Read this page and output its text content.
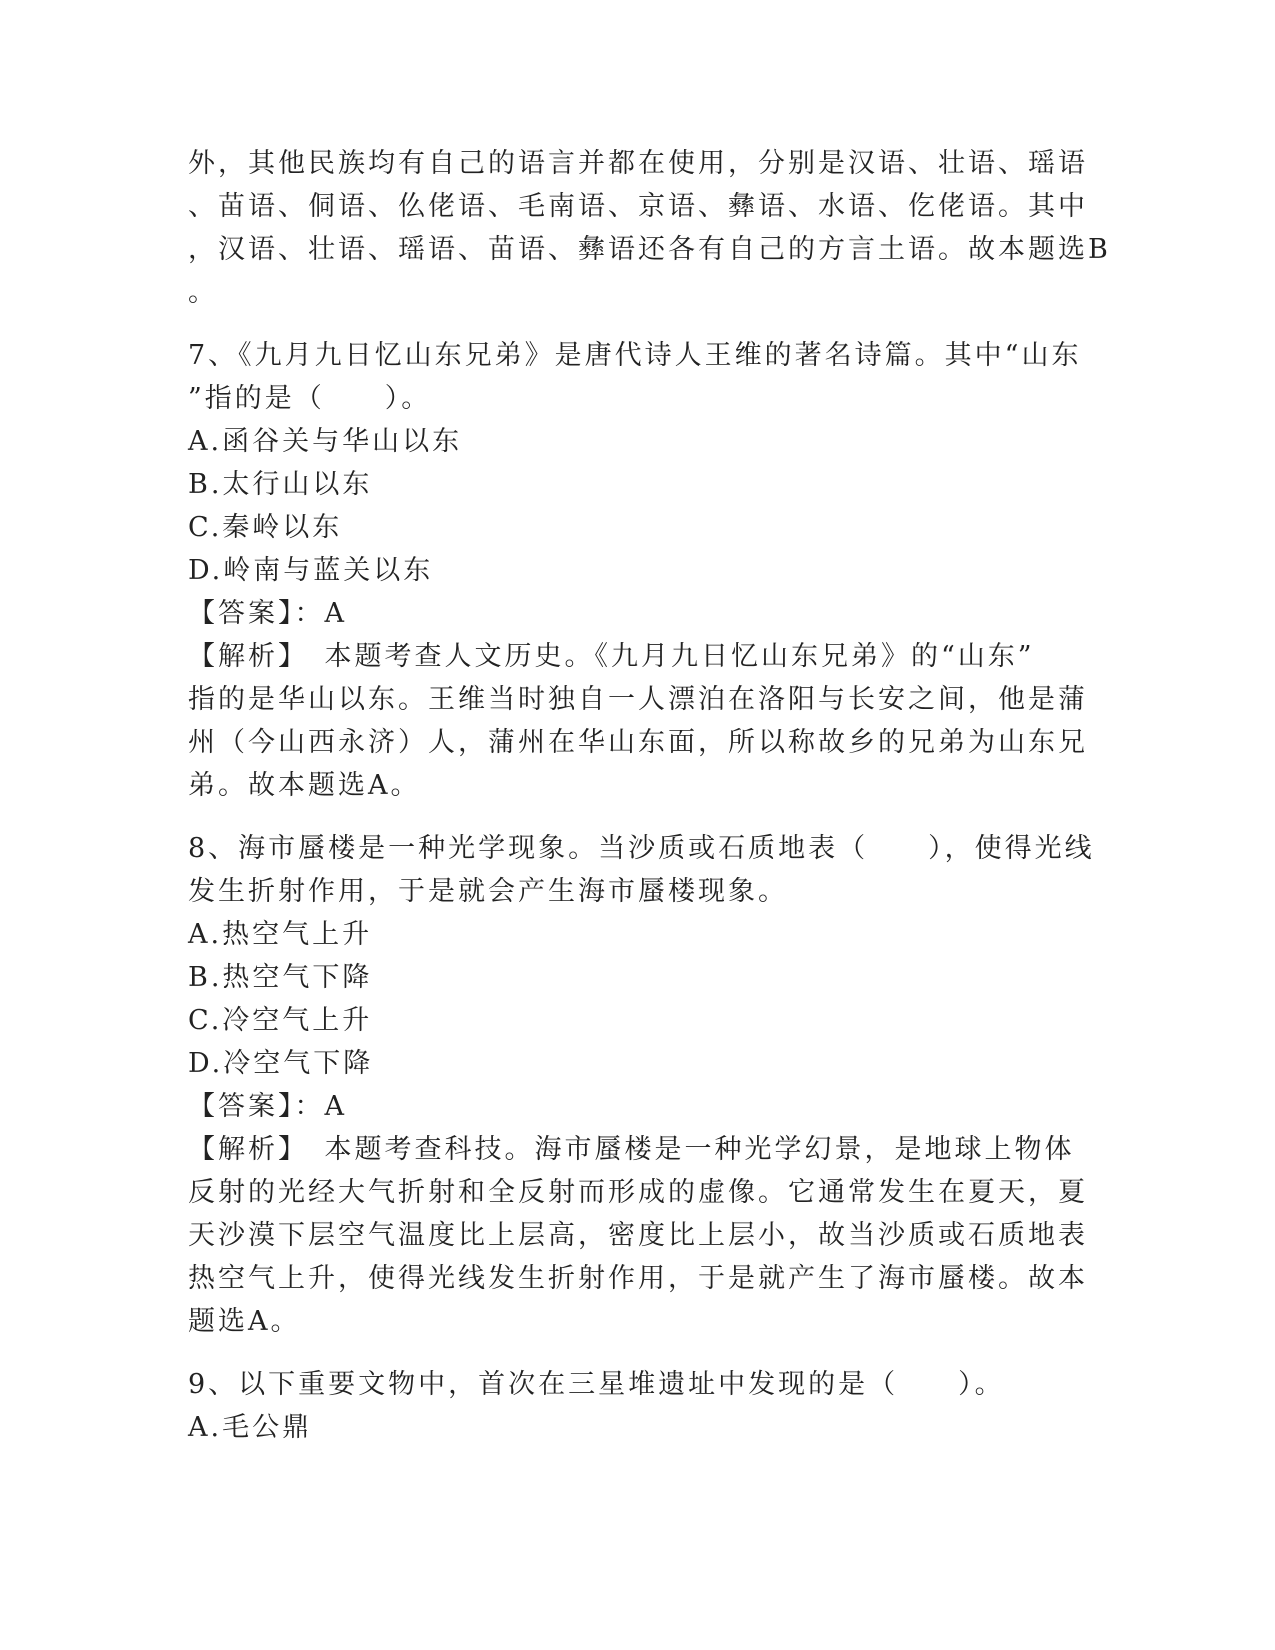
外，其他民族均有自己的语言并都在使用，分别是汉语、壮语、瑶语
、苗语、侗语、仫佬语、毛南语、京语、彝语、水语、仡佬语。其中
，汉语、壮语、瑶语、苗语、彝语还各有自己的方言土语。故本题选B
。
7、《九月九日忆山东兄弟》是唐代诗人王维的著名诗篇。其中“山东
”指的是（　　）。
A.函谷关与华山以东
B.太行山以东
C.秦岭以东
D.岭南与蓝关以东
【答案】：A
【解析】　本题考查人文历史。《九月九日忆山东兄弟》的“山东”
指的是华山以东。王维当时独自一人漂泊在洛阳与长安之间，他是蒲
州（今山西永济）人，蒲州在华山东面，所以称故乡的兄弟为山东兄
弟。故本题选A。
8、海市蜃楼是一种光学现象。当沙质或石质地表（　　），使得光线
发生折射作用，于是就会产生海市蜃楼现象。
A.热空气上升
B.热空气下降
C.冷空气上升
D.冷空气下降
【答案】：A
【解析】　本题考查科技。海市蜃楼是一种光学幻景，是地球上物体
反射的光经大气折射和全反射而形成的虚像。它通常发生在夏天，夏
天沙漠下层空气温度比上层高，密度比上层小，故当沙质或石质地表
热空气上升，使得光线发生折射作用，于是就产生了海市蜃楼。故本
题选A。
9、以下重要文物中，首次在三星堆遗址中发现的是（　　）。
A.毛公鼎
